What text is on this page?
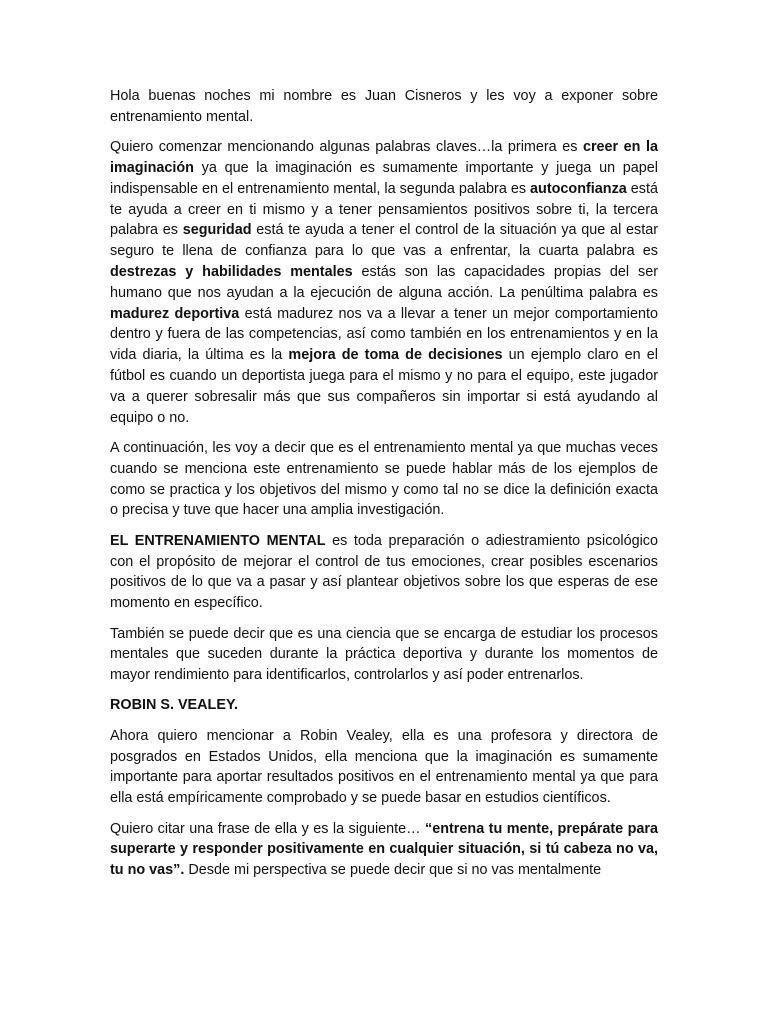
Hola buenas noches mi nombre es Juan Cisneros y les voy a exponer sobre entrenamiento mental.

Quiero comenzar mencionando algunas palabras claves…la primera es creer en la imaginación ya que la imaginación es sumamente importante y juega un papel indispensable en el entrenamiento mental, la segunda palabra es autoconfianza está te ayuda a creer en ti mismo y a tener pensamientos positivos sobre ti, la tercera palabra es seguridad está te ayuda a tener el control de la situación ya que al estar seguro te llena de confianza para lo que vas a enfrentar, la cuarta palabra es destrezas y habilidades mentales estás son las capacidades propias del ser humano que nos ayudan a la ejecución de alguna acción. La penúltima palabra es madurez deportiva está madurez nos va a llevar a tener un mejor comportamiento dentro y fuera de las competencias, así como también en los entrenamientos y en la vida diaria, la última es la mejora de toma de decisiones un ejemplo claro en el fútbol es cuando un deportista juega para el mismo y no para el equipo, este jugador va a querer sobresalir más que sus compañeros sin importar si está ayudando al equipo o no.

A continuación, les voy a decir que es el entrenamiento mental ya que muchas veces cuando se menciona este entrenamiento se puede hablar más de los ejemplos de como se practica y los objetivos del mismo y como tal no se dice la definición exacta o precisa y tuve que hacer una amplia investigación.

EL ENTRENAMIENTO MENTAL es toda preparación o adiestramiento psicológico con el propósito de mejorar el control de tus emociones, crear posibles escenarios positivos de lo que va a pasar y así plantear objetivos sobre los que esperas de ese momento en específico.

También se puede decir que es una ciencia que se encarga de estudiar los procesos mentales que suceden durante la práctica deportiva y durante los momentos de mayor rendimiento para identificarlos, controlarlos y así poder entrenarlos.

ROBIN S. VEALEY.

Ahora quiero mencionar a Robin Vealey, ella es una profesora y directora de posgrados en Estados Unidos, ella menciona que la imaginación es sumamente importante para aportar resultados positivos en el entrenamiento mental ya que para ella está empíricamente comprobado y se puede basar en estudios científicos.

Quiero citar una frase de ella y es la siguiente… “entrena tu mente, prepárate para superarte y responder positivamente en cualquier situación, si tú cabeza no va, tu no vas”. Desde mi perspectiva se puede decir que si no vas mentalmente
